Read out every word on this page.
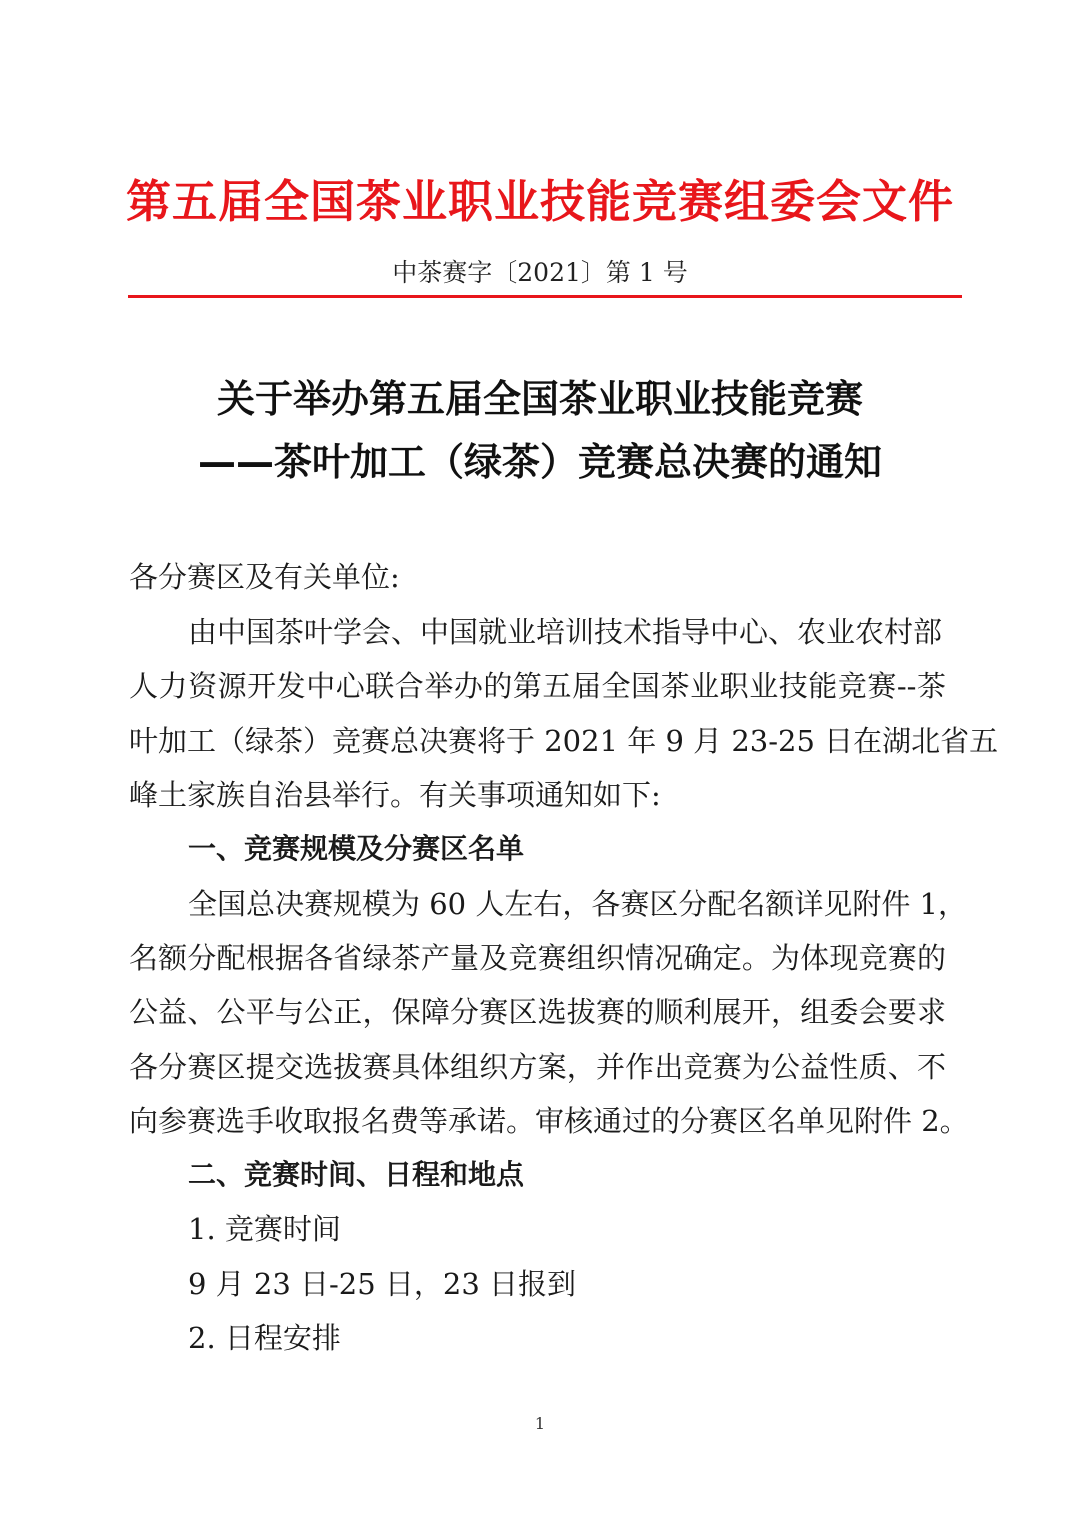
第五届全国茶业职业技能竞赛组委会文件
中茶赛字〔2021〕第 1 号
关于举办第五届全国茶业职业技能竞赛
——茶叶加工（绿茶）竞赛总决赛的通知
各分赛区及有关单位:
由中国茶叶学会、中国就业培训技术指导中心、农业农村部
人力资源开发中心联合举办的第五届全国茶业职业技能竞赛--茶
叶加工（绿茶）竞赛总决赛将于 2021 年 9 月 23-25 日在湖北省五
峰土家族自治县举行。有关事项通知如下:
一、竞赛规模及分赛区名单
全国总决赛规模为 60 人左右，各赛区分配名额详见附件 1，
名额分配根据各省绿茶产量及竞赛组织情况确定。为体现竞赛的
公益、公平与公正，保障分赛区选拔赛的顺利展开，组委会要求
各分赛区提交选拔赛具体组织方案，并作出竞赛为公益性质、不
向参赛选手收取报名费等承诺。审核通过的分赛区名单见附件 2。
二、竞赛时间、日程和地点
1. 竞赛时间
9 月 23 日-25 日，23 日报到
2. 日程安排
1
